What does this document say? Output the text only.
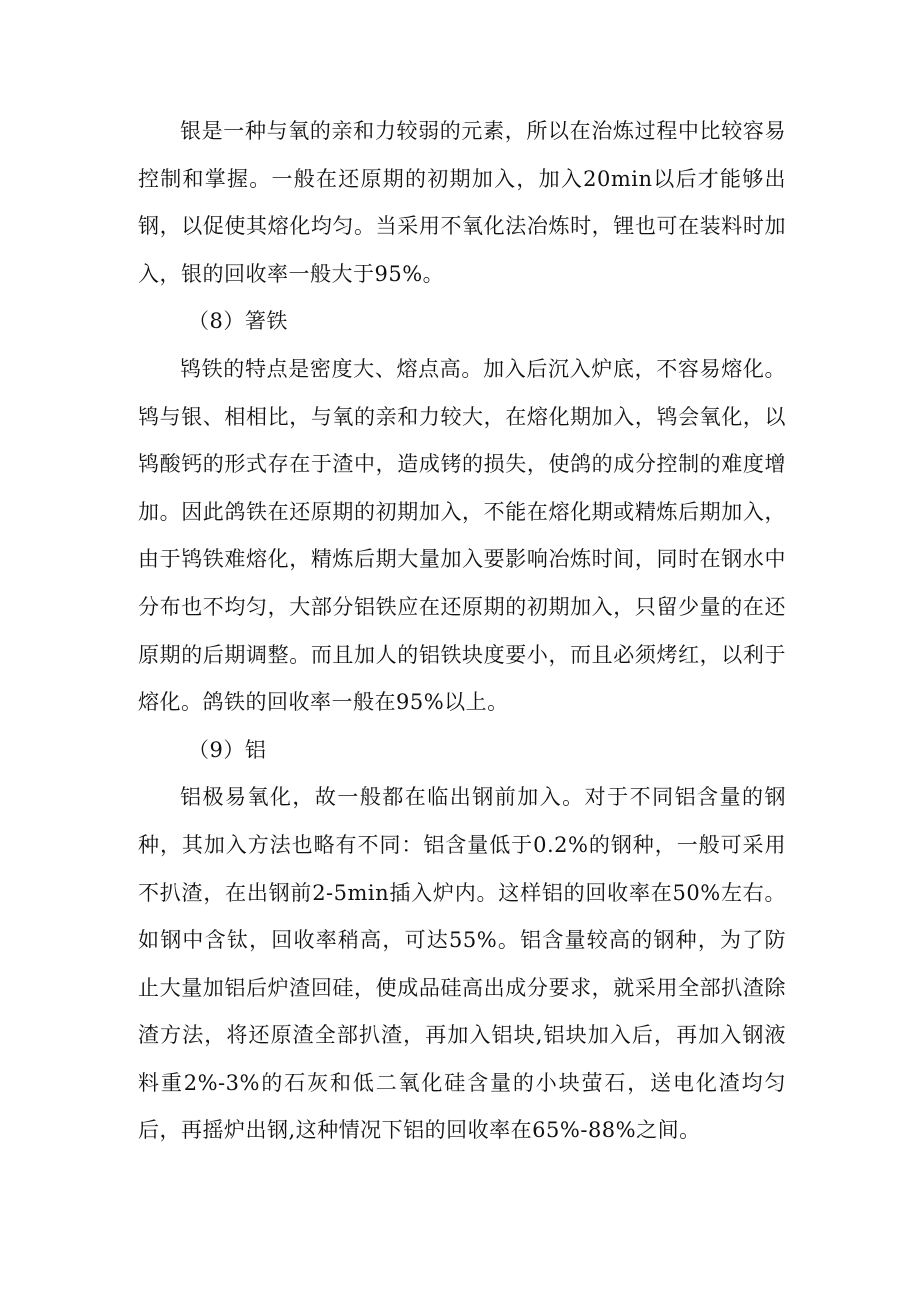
银是一种与氧的亲和力较弱的元素，所以在治炼过程中比较容易控制和掌握。一般在还原期的初期加入，加入20min以后才能够出钢，以促使其熔化均匀。当采用不氧化法冶炼时，锂也可在装料时加入，银的回收率一般大于95%。

（8）箸铁

鸨铁的特点是密度大、熔点高。加入后沉入炉底，不容易熔化。鸨与银、相相比，与氧的亲和力较大，在熔化期加入，鸨会氧化，以鸨酸钙的形式存在于渣中，造成铐的损失，使鸽的成分控制的难度增加。因此鸽铁在还原期的初期加入，不能在熔化期或精炼后期加入，由于鸨铁难熔化，精炼后期大量加入要影响冶炼时间，同时在钢水中分布也不均匀，大部分铝铁应在还原期的初期加入，只留少量的在还原期的后期调整。而且加人的铝铁块度要小，而且必须烤红，以利于熔化。鸽铁的回收率一般在95%以上。

（9）铝

铝极易氧化，故一般都在临出钢前加入。对于不同铝含量的钢种，其加入方法也略有不同：铝含量低于0.2%的钢种，一般可采用不扒渣，在出钢前2-5min插入炉内。这样铝的回收率在50%左右。如钢中含钛，回收率稍高，可达55%。铝含量较高的钢种，为了防止大量加铝后炉渣回硅，使成品硅高出成分要求，就采用全部扒渣除渣方法，将还原渣全部扒渣，再加入铝块,铝块加入后，再加入钢液料重2%-3%的石灰和低二氧化硅含量的小块萤石，送电化渣均匀后，再摇炉出钢,这种情况下铝的回收率在65%-88%之间。
